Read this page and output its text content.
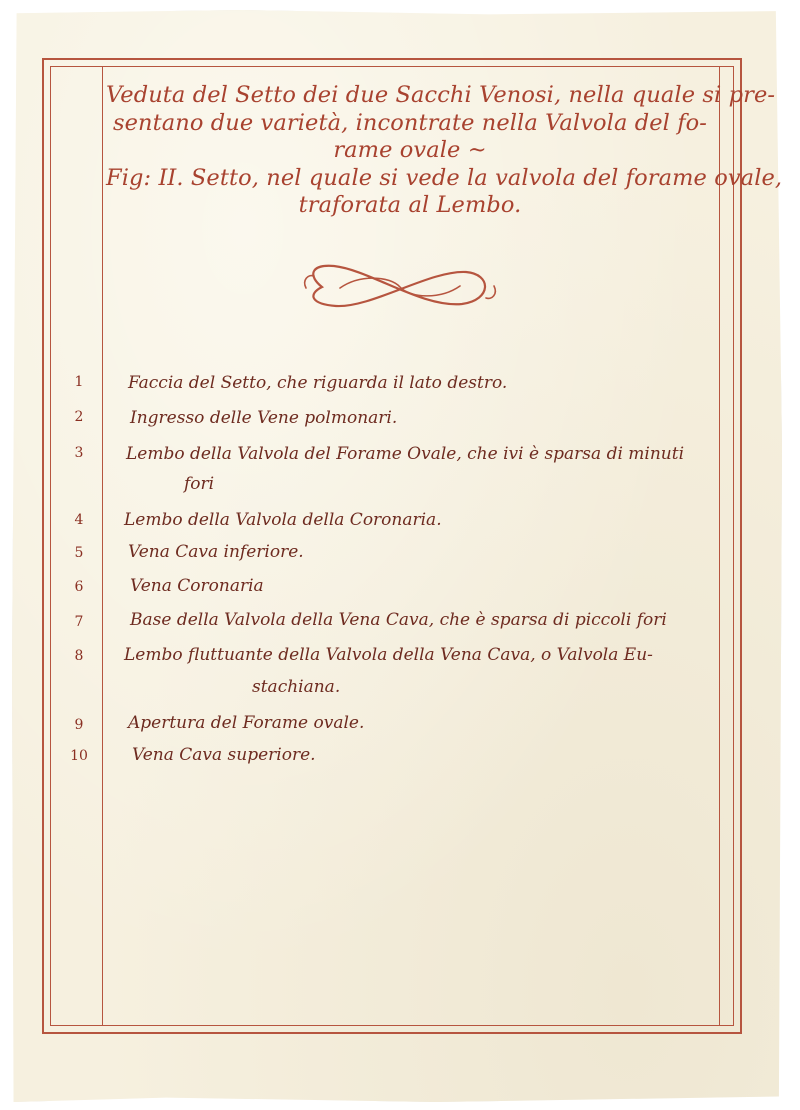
Veduta del Setto dei due Sacchi Venosi, nella quale si pre-
sentano due varietà, incontrate nella Valvola del fo-
rame ovale ~
Fig: II. Setto, nel quale si vede la valvola del forame ovale,
traforata al Lembo.
1	Faccia del Setto, che riguarda il lato destro.
2	Ingresso delle Vene polmonari.
3	Lembo della Valvola del Forame Ovale, che ivi è sparsa di minuti
fori
4	Lembo della Valvola della Coronaria.
5	Vena Cava inferiore.
6	Vena Coronaria
7	Base della Valvola della Vena Cava, che è sparsa di piccoli fori
8	Lembo fluttuante della Valvola della Vena Cava, o Valvola Eu-
stachiana.
9	Apertura del Forame ovale.
10	Vena Cava superiore.
